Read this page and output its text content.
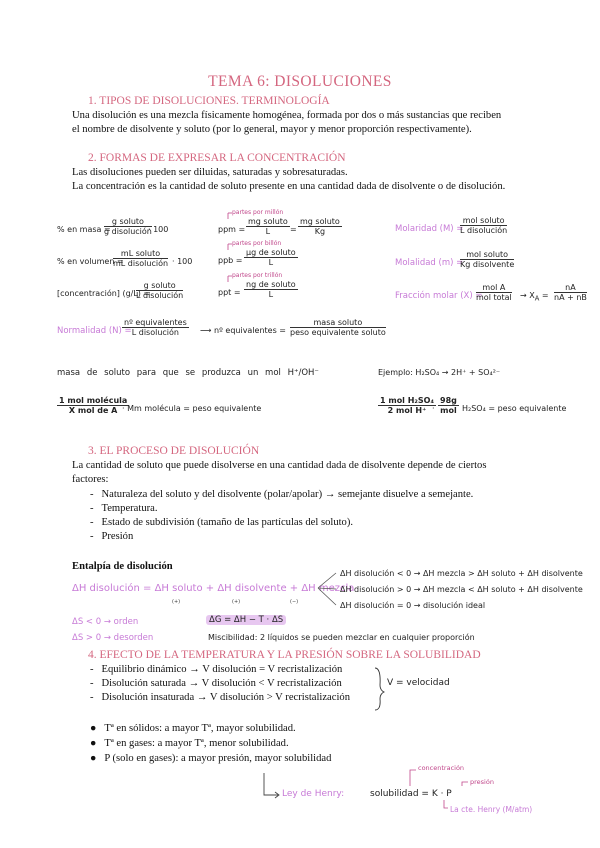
TEMA 6: DISOLUCIONES
1. TIPOS DE DISOLUCIONES. TERMINOLOGÍA
Una disolución es una mezcla físicamente homogénea, formada por dos o más sustancias que reciben
el nombre de disolvente y soluto (por lo general, mayor y menor proporción respectivamente).
2. FORMAS DE EXPRESAR LA CONCENTRACIÓN
Las disoluciones pueden ser diluidas, saturadas y sobresaturadas.
La concentración es la cantidad de soluto presente en una cantidad dada de disolvente o de disolución.
% en masa =
g soluto
g disolución
· 100
% en volumen =
mL soluto
mL disolución · 100
[concentración] (g/L) =
g soluto
L disolución
partes por millón
ppm =
mg soluto
L	=
mg soluto
Kg
partes por billón
ppb =
µg de soluto
L
partes por trillón
ppt =
ng de soluto
L
Molaridad (M) =
mol soluto
L disolución
Molalidad (m) =
mol soluto
Kg disolvente
Fracción molar (X) =
mol A
mol total → $X_A = \frac{nA}{nA + nB}$
Normalidad (N) =
nº equivalentes
L disolución	⟶ nº equivalentes =
masa soluto
peso equivalente soluto
masa de soluto para que se produzca un mol H⁺/OH⁻	Ejemplo: H₂SO₄ → 2H⁺ + SO₄²⁻
1 mol molécula
X mol de A · Mm molécula = peso equivalente
1 mol H₂SO₄
2 mol H⁺ ·
98g
mol H₂SO₄ = peso equivalente
3. EL PROCESO DE DISOLUCIÓN
La cantidad de soluto que puede disolverse en una cantidad dada de disolvente depende de ciertos
factores:
-   Naturaleza del soluto y del disolvente (polar/apolar) → semejante disuelve a semejante.
-   Temperatura.
-   Estado de subdivisión (tamaño de las partículas del soluto).
-   Presión
Entalpía de disolución
ΔH disolución = ΔH soluto + ΔH disolvente + ΔH mezcla
(+)	(+)	(−)
ΔH disolución < 0 → ΔH mezcla > ΔH soluto + ΔH disolvente
ΔH disolución > 0 → ΔH mezcla < ΔH soluto + ΔH disolvente
ΔH disolución = 0 → disolución ideal
ΔS < 0 → orden
ΔS > 0 → desorden
ΔG = ΔH − T · ΔS
Miscibilidad: 2 líquidos se pueden mezclar en cualquier proporción
4. EFECTO DE LA TEMPERATURA Y LA PRESIÓN SOBRE LA SOLUBILIDAD
-   Equilibrio dinámico → V disolución = V recristalización
-   Disolución saturada → V disolución < V recristalización
-   Disolución insaturada → V disolución > V recristalización
V = velocidad
●   Tª en sólidos: a mayor Tª, mayor solubilidad.
●   Tª en gases: a mayor Tª, menor solubilidad.
●   P (solo en gases): a mayor presión, mayor solubilidad
concentración
presión
Ley de Henry:	solubilidad = K · P
La cte. Henry (M/atm)
